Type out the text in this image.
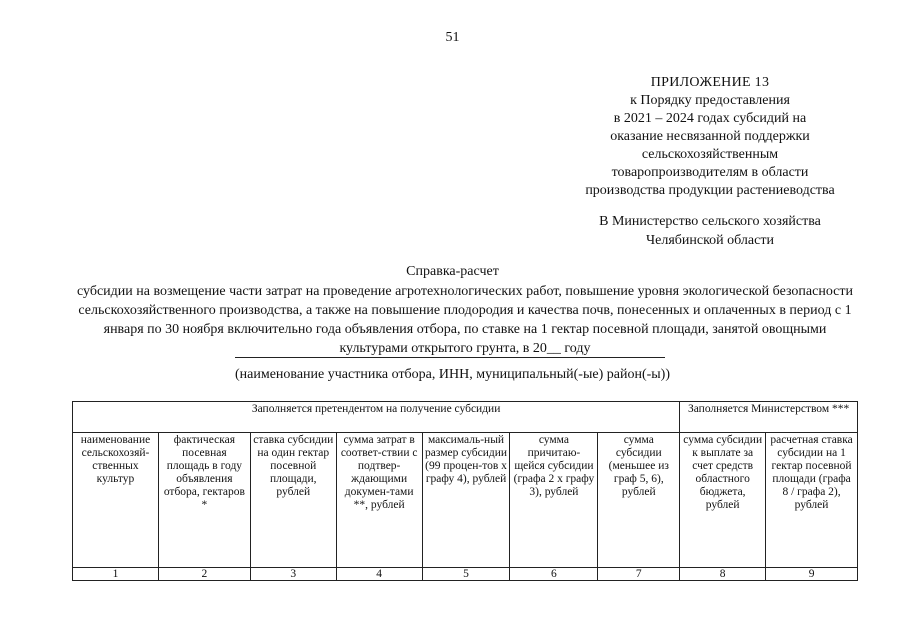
51
ПРИЛОЖЕНИЕ 13
к Порядку предоставления
в 2021 – 2024 годах субсидий на
оказание несвязанной поддержки
сельскохозяйственным
товаропроизводителям в области
производства продукции растениеводства
В Министерство сельского хозяйства
Челябинской области
Справка-расчет
субсидии на возмещение части затрат на проведение агротехнологических работ, повышение уровня экологической безопасности сельскохозяйственного производства, а также на повышение плодородия и качества почв, понесенных и оплаченных в период с 1 января по 30 ноября включительно года объявления отбора, по ставке на 1 гектар посевной площади, занятой овощными культурами открытого грунта, в 20__ году
(наименование участника отбора, ИНН, муниципальный(-ые) район(-ы))
Заполняется претендентом на получение субсидии							Заполняется Министерством ***	
наименование сельскохозяй-ственных культур	фактическая посевная площадь в году объявления отбора, гектаров *	ставка субсидии на один гектар посевной площади, рублей	сумма затрат в соответ-ствии с подтвер-ждающими докумен-тами **, рублей	максималь-ный размер субсидии (99 процен-тов х графу 4), рублей	сумма причитаю-щейся субсидии (графа 2 х графу 3), рублей	сумма субсидии (меньшее из граф 5, 6), рублей	сумма субсидии к выплате за счет средств областного бюджета, рублей	расчетная ставка субсидии на 1 гектар посевной площади (графа 8 / графа 2), рублей
1	2	3	4	5	6	7	8	9
